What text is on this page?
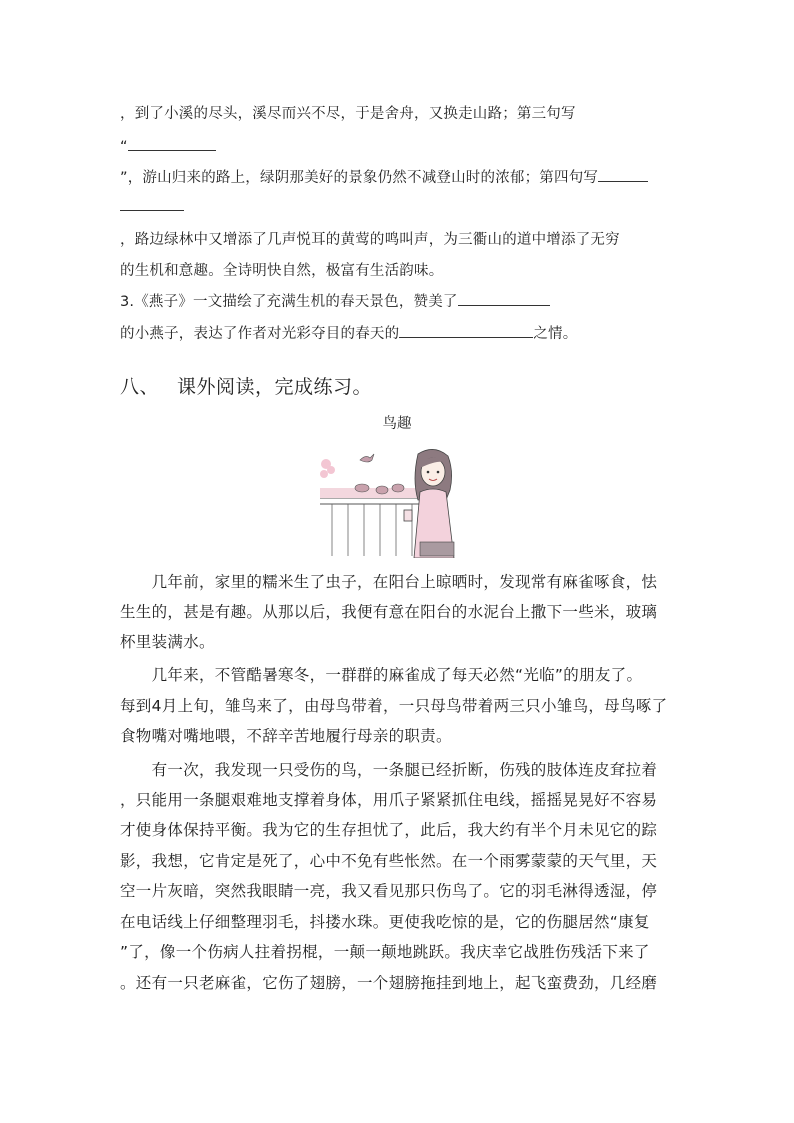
，到了小溪的尽头，溪尽而兴不尽，于是舍舟，又换走山路；第三句写
“
”，游山归来的路上，绿阴那美好的景象仍然不减登山时的浓郁；第四句写
，路边绿林中又增添了几声悦耳的黄莺的鸣叫声，为三衢山的道中增添了无穷
的生机和意趣。全诗明快自然，极富有生活韵味。
3.《燕子》一文描绘了充满生机的春天景色，赞美了
的小燕子，表达了作者对光彩夺目的春天的	之情。
八、 课外阅读，完成练习。
鸟趣
　　几年前，家里的糯米生了虫子，在阳台上晾晒时，发现常有麻雀啄食，怯
生生的，甚是有趣。从那以后，我便有意在阳台的水泥台上撒下一些米，玻璃
杯里装满水。
　　几年来，不管酷暑寒冬，一群群的麻雀成了每天必然“光临”的朋友了。
每到4月上旬，雏鸟来了，由母鸟带着，一只母鸟带着两三只小雏鸟，母鸟啄了
食物嘴对嘴地喂，不辞辛苦地履行母亲的职责。
　　有一次，我发现一只受伤的鸟，一条腿已经折断，伤残的肢体连皮耷拉着
，只能用一条腿艰难地支撑着身体，用爪子紧紧抓住电线，摇摇晃晃好不容易
才使身体保持平衡。我为它的生存担忧了，此后，我大约有半个月未见它的踪
影，我想，它肯定是死了，心中不免有些怅然。在一个雨雾蒙蒙的天气里，天
空一片灰暗，突然我眼睛一亮，我又看见那只伤鸟了。它的羽毛淋得透湿，停
在电话线上仔细整理羽毛，抖搂水珠。更使我吃惊的是，它的伤腿居然“康复
”了，像一个伤病人拄着拐棍，一颠一颠地跳跃。我庆幸它战胜伤残活下来了
。还有一只老麻雀，它伤了翅膀，一个翅膀拖挂到地上，起飞蛮费劲，几经磨
